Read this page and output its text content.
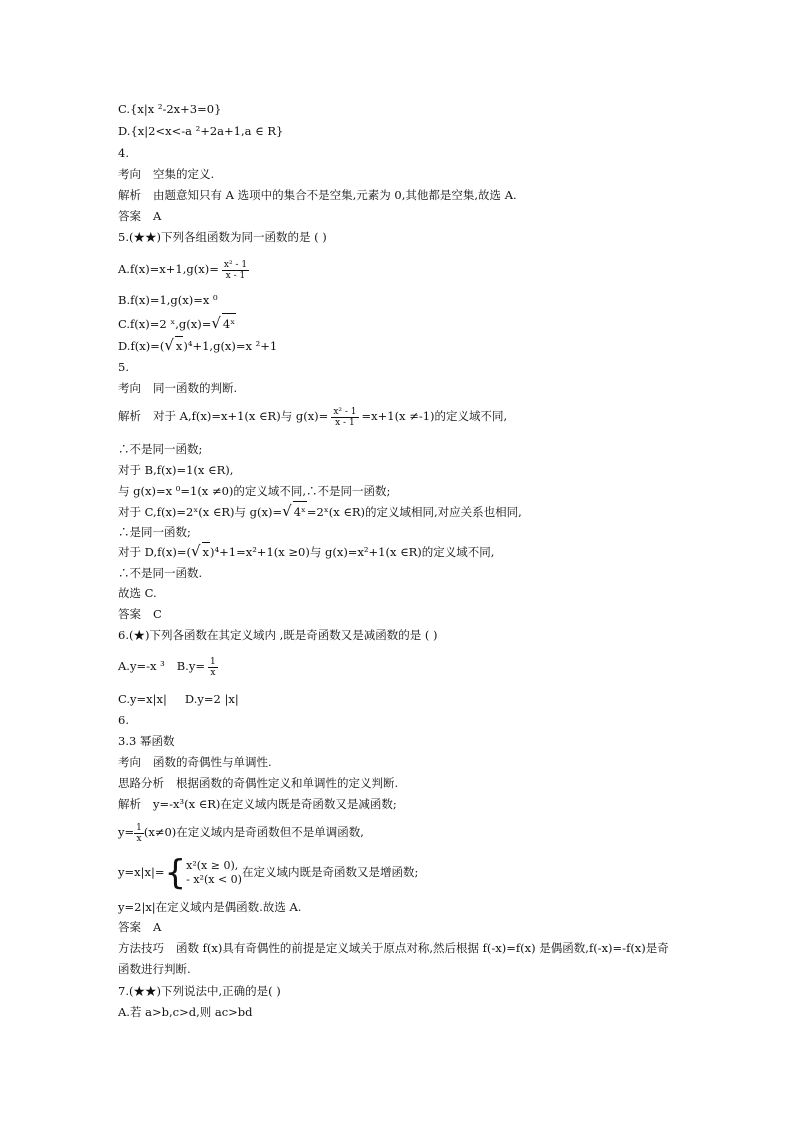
C.{x|x ²-2x+3=0}
D.{x|2<x<-a ²+2a+1,a ∈ R}
4.
考向 空集的定义.
解析 由题意知只有 A 选项中的集合不是空集,元素为 0,其他都是空集,故选 A.
答案 A
5.(★★)下列各组函数为同一函数的是 ( )
$A.f(x)=x+1,g(x)= \frac{\text{x² - 1}}{x - 1}$
B.f(x)=1,g(x)=x ⁰
C.f(x)=2 ˣ,g(x)=√ 4ˣ
D.f(x)=(√ x)⁴+1,g(x)=x ²+1
5.
考向 同一函数的判断.
解析 对于 A,f(x)=x+1(x ∈R)与 $g(x)= \frac{\text{x² - 1}}{x - 1} =x+1(x \ne-1)$的定义域不同,
∴不是同一函数;
对于 B,f(x)=1(x ∈R),
与 g(x)=x ⁰=1(x ≠0)的定义域不同,∴不是同一函数;
对于 C,f(x)=2ˣ(x ∈R)与 g(x)=√ 4ˣ=2ˣ(x ∈R)的定义域相同,对应关系也相同,
∴是同一函数;
对于 D,f(x)=(√ x)⁴+1=x²+1(x ≥0)与 g(x)=x²+1(x ∈R)的定义域不同,
∴不是同一函数.
故选 C.
答案 C
6.(★)下列各函数在其定义域内 ,既是奇函数又是减函数的是 ( )
A.y=-x ³ $B.y= \frac{1}{x}$
C.y=x|x| D.y=2 |x|
6.
3.3 幂函数
考向 函数的奇偶性与单调性.
思路分析 根据函数的奇偶性定义和单调性的定义判断.
解析 y=-x³(x ∈R)在定义域内既是奇函数又是减函数;
$y= \frac{1}{x} (x\ne 0)$在定义域内是奇函数但不是单调函数,
y=x|x|={ x²(x ≥ 0),
- x²(x < 0)
在定义域内既是奇函数又是增函数;
y=2|x|在定义域内是偶函数.故选 A.
答案 A
方法技巧 函数 f(x)具有奇偶性的前提是定义域关于原点对称,然后根据 f(-x)=f(x) 是偶函数,f(-x)=-f(x)是奇
函数进行判断.
7.(★★)下列说法中,正确的是( )
A.若 a>b,c>d,则 ac>bd
